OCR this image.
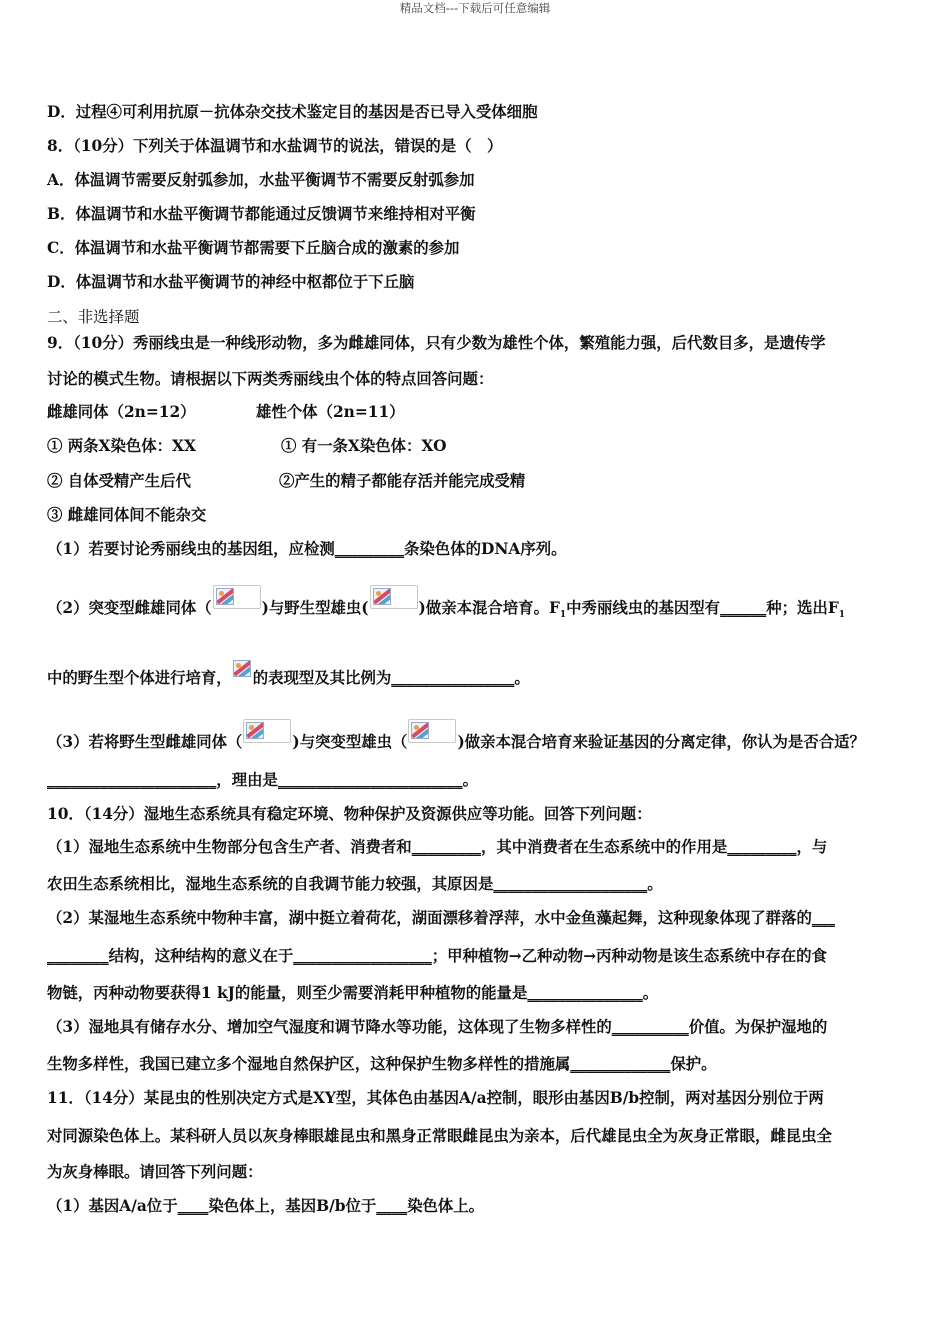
精品文档---下载后可任意编辑
D．过程④可利用抗原－抗体杂交技术鉴定目的基因是否已导入受体细胞
8．（10分）下列关于体温调节和水盐调节的说法，错误的是（　）
A．体温调节需要反射弧参加，水盐平衡调节不需要反射弧参加
B．体温调节和水盐平衡调节都能通过反馈调节来维持相对平衡
C．体温调节和水盐平衡调节都需要下丘脑合成的激素的参加
D．体温调节和水盐平衡调节的神经中枢都位于下丘脑
二、非选择题
9．（10分）秀丽线虫是一种线形动物，多为雌雄同体，只有少数为雄性个体，繁殖能力强，后代数目多，是遗传学
讨论的模式生物。请根据以下两类秀丽线虫个体的特点回答问题：
雌雄同体（2n=12）	雄性个体（2n=11）
① 两条X染色体：XX	① 有一条X染色体：XO
② 自体受精产生后代	②产生的精子都能存活并能完成受精
③ 雌雄同体间不能杂交
（1）若要讨论秀丽线虫的基因组，应检测_________条染色体的DNA序列。
（2）突变型雌雄同体（	)与野生型雄虫(	)做亲本混合培育。$F_1$中秀丽线虫的基因型有______种；选出$F_1$
中的野生型个体进行培育， 的表现型及其比例为________________。
（3）若将野生型雌雄同体（	)与突变型雄虫（	)做亲本混合培育来验证基因的分离定律，你认为是否合适？
______________________，理由是________________________。
10．（14分）湿地生态系统具有稳定环境、物种保护及资源供应等功能。回答下列问题：
（1）湿地生态系统中生物部分包含生产者、消费者和_________，其中消费者在生态系统中的作用是_________，与
农田生态系统相比，湿地生态系统的自我调节能力较强，其原因是____________________。
（2）某湿地生态系统中物种丰富，湖中挺立着荷花，湖面漂移着浮萍，水中金鱼藻起舞，这种现象体现了群落的___
________结构，这种结构的意义在于__________________；甲种植物→乙种动物→丙种动物是该生态系统中存在的食
物链，丙种动物要获得1 kJ的能量，则至少需要消耗甲种植物的能量是_______________。
（3）湿地具有储存水分、增加空气湿度和调节降水等功能，这体现了生物多样性的__________价值。为保护湿地的
生物多样性，我国已建立多个湿地自然保护区，这种保护生物多样性的措施属_____________保护。
11．（14分）某昆虫的性别决定方式是XY型，其体色由基因A/a控制，眼形由基因B/b控制，两对基因分别位于两
对同源染色体上。某科研人员以灰身棒眼雄昆虫和黑身正常眼雌昆虫为亲本，后代雄昆虫全为灰身正常眼，雌昆虫全
为灰身棒眼。请回答下列问题：
（1）基因A/a位于____染色体上，基因B/b位于____染色体上。
